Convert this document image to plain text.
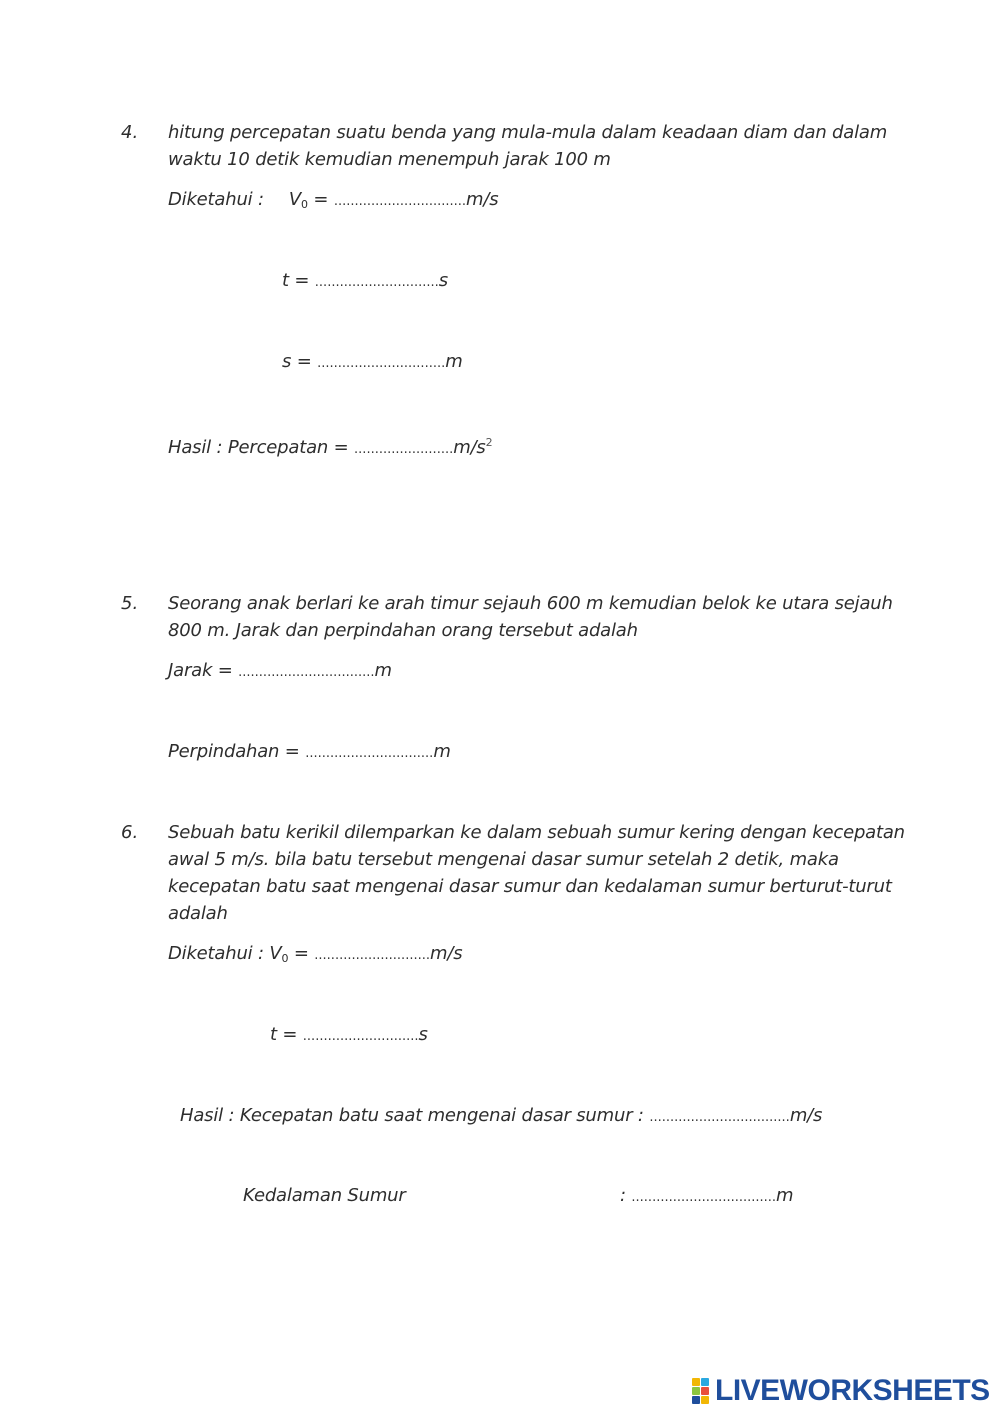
4. hitung percepatan suatu benda yang mula-mula dalam keadaan diam dan dalam
waktu 10 detik kemudian menempuh jarak 100 m
Diketahui : $V_0 = ................................m/s$
t = ..............................s
s = ...............................m
Hasil : Percepatan = $........................m/s^2$
5. Seorang anak berlari ke arah timur sejauh 600 m kemudian belok ke utara sejauh
800 m. Jarak dan perpindahan orang tersebut adalah
Jarak = .................................m
Perpindahan = ...............................m
6. Sebuah batu kerikil dilemparkan ke dalam sebuah sumur kering dengan kecepatan
awal 5 m/s. bila batu tersebut mengenai dasar sumur setelah 2 detik, maka
kecepatan batu saat mengenai dasar sumur dan kedalaman sumur berturut-turut
adalah
Diketahui : $V_0 = ............................m/s$
t = ............................s
Hasil : Kecepatan batu saat mengenai dasar sumur : ..................................m/s
Kedalaman Sumur	: ...................................m
LIVEWORKSHEETS
